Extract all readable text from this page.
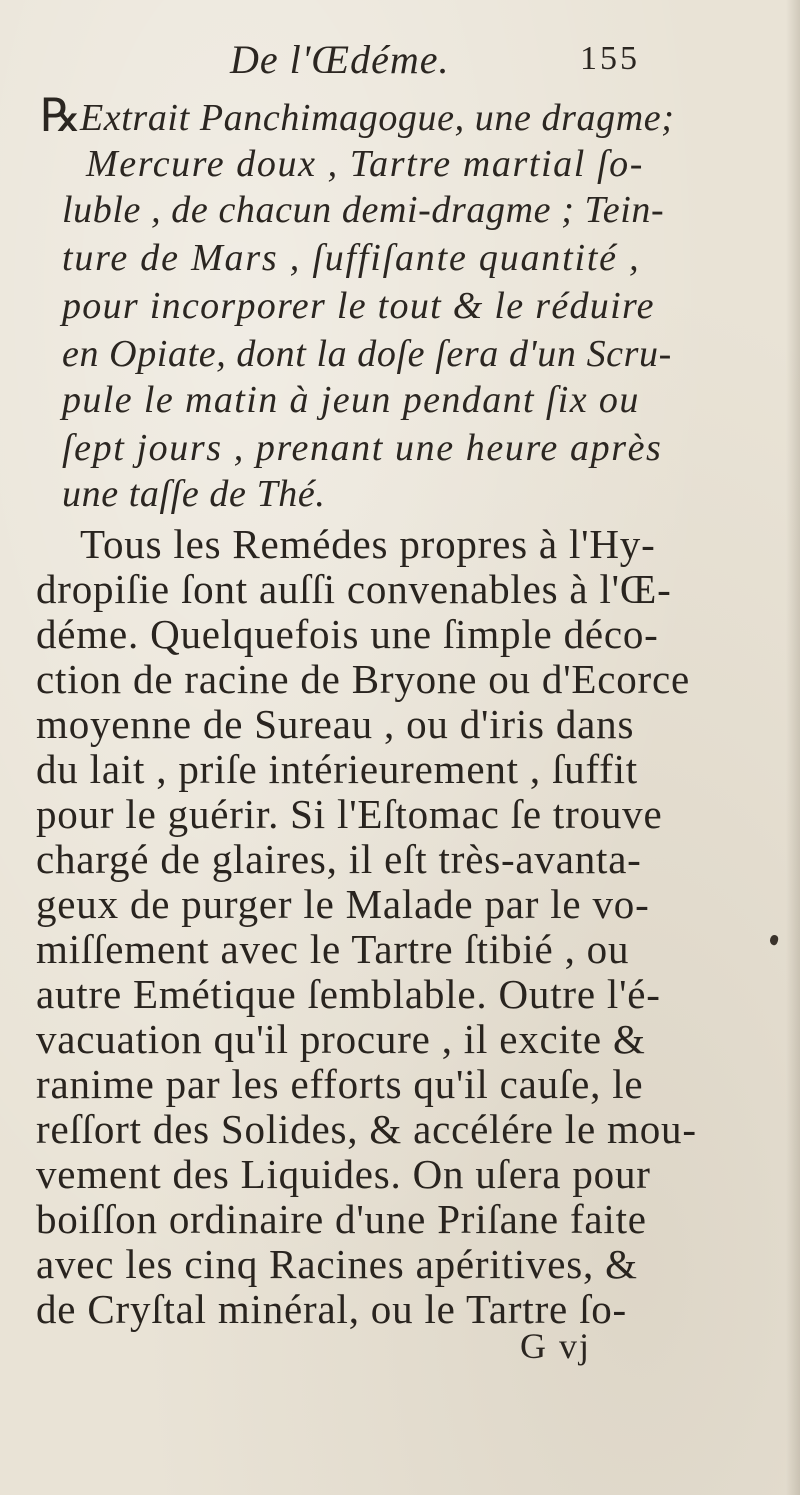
De l'Œdéme.	155
℞
Extrait Panchimagogue, une dragme;
Mercure doux , Tartre martial ſo-
luble , de chacun demi-dragme ; Tein-
ture de Mars , ſuffiſante quantité ,
pour incorporer le tout & le réduire
en Opiate, dont la doſe ſera d'un Scru-
pule le matin à jeun pendant ſix ou
ſept jours , prenant une heure après
une taſſe de Thé.
Tous les Remédes propres à l'Hy-
dropiſie ſont auſſi convenables à l'Œ-
déme. Quelquefois une ſimple déco-
ction de racine de Bryone ou d'Ecorce
moyenne de Sureau , ou d'iris dans
du lait , priſe intérieurement , ſuffit
pour le guérir. Si l'Eſtomac ſe trouve
chargé de glaires, il eſt très-avanta-
geux de purger le Malade par le vo-
miſſement avec le Tartre ſtibié , ou
autre Emétique ſemblable. Outre l'é-
vacuation qu'il procure , il excite &
ranime par les efforts qu'il cauſe, le
reſſort des Solides, & accélére le mou-
vement des Liquides. On uſera pour
boiſſon ordinaire d'une Priſane faite
avec les cinq Racines apéritives, &
de Cryſtal minéral, ou le Tartre ſo-
G vj
